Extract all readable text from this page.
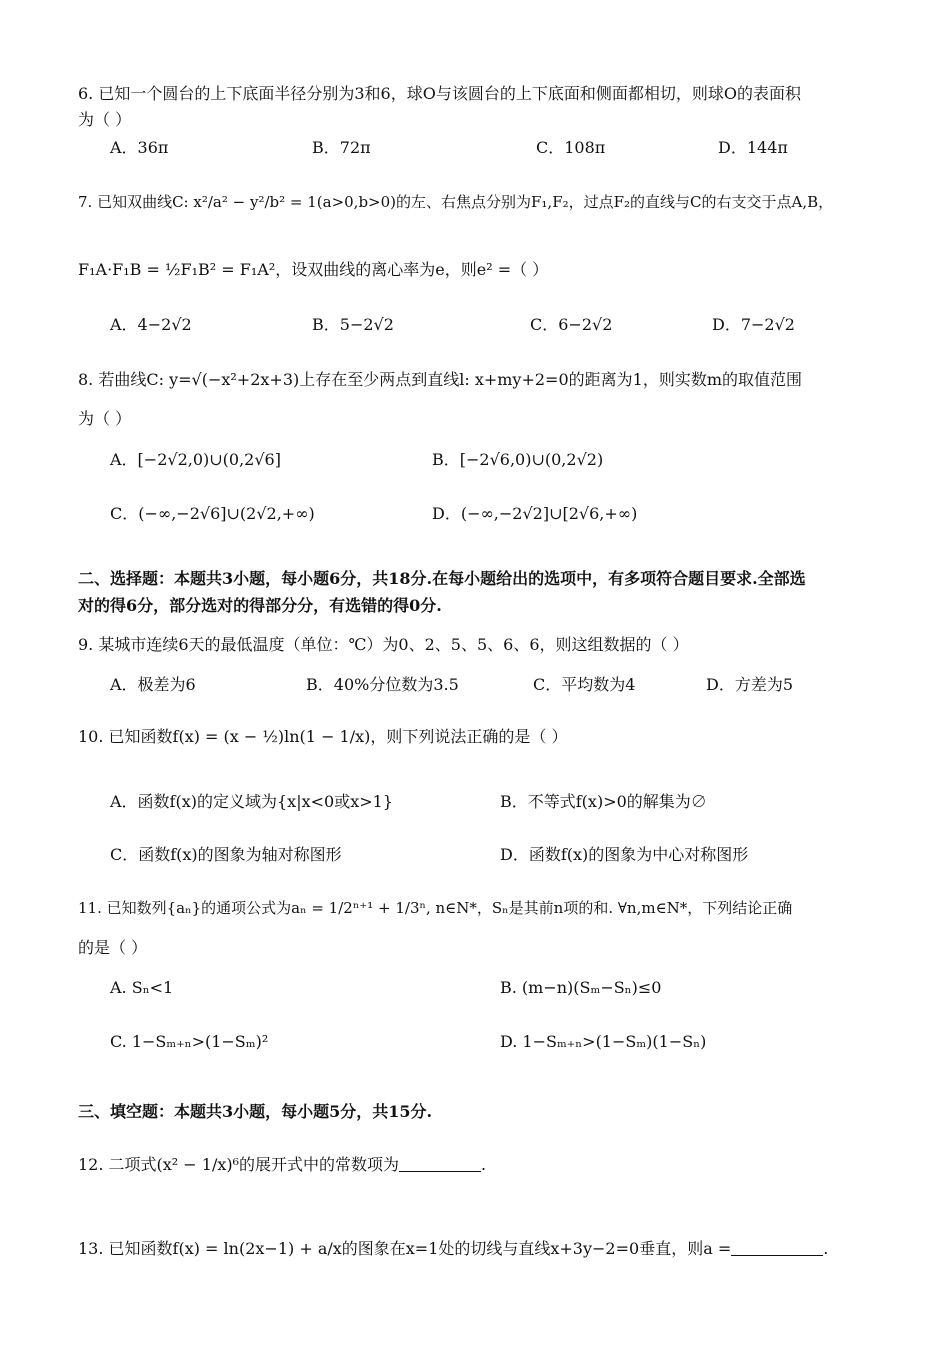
6. 已知一个圆台的上下底面半径分别为3和6，球O与该圆台的上下底面和侧面都相切，则球O的表面积
为（ ）
A．36π	B．72π	C．108π	D．144π
7. 已知双曲线C: x²/a² − y²/b² = 1(a>0,b>0)的左、右焦点分别为F₁,F₂，过点F₂的直线与C的右支交于点A,B，
F₁A·F₁B = ½F₁B² = F₁A²，设双曲线的离心率为e，则e² =（ ）
A．4−2√2	B．5−2√2	C．6−2√2	D．7−2√2
8. 若曲线C: y=√(−x²+2x+3)上存在至少两点到直线l: x+my+2=0的距离为1，则实数m的取值范围
为（ ）
A．[−2√2,0)∪(0,2√6]	B．[−2√6,0)∪(0,2√2)
C．(−∞,−2√6]∪(2√2,+∞)	D．(−∞,−2√2]∪[2√6,+∞)
二、选择题：本题共3小题，每小题6分，共18分.在每小题给出的选项中，有多项符合题目要求.全部选
对的得6分，部分选对的得部分分，有选错的得0分.
9. 某城市连续6天的最低温度（单位：℃）为0、2、5、5、6、6，则这组数据的（ ）
A．极差为6	B．40%分位数为3.5	C．平均数为4	D．方差为5
10. 已知函数f(x) = (x − ½)ln(1 − 1/x)，则下列说法正确的是（ ）
A．函数f(x)的定义域为{x|x<0或x>1}	B．不等式f(x)>0的解集为∅
C．函数f(x)的图象为轴对称图形	D．函数f(x)的图象为中心对称图形
11. 已知数列{aₙ}的通项公式为aₙ = 1/2ⁿ⁺¹ + 1/3ⁿ, n∈N*，Sₙ是其前n项的和. ∀n,m∈N*，下列结论正确
的是（ ）
A. Sₙ<1	B. (m−n)(Sₘ−Sₙ)≤0
C. 1−Sₘ₊ₙ>(1−Sₘ)²	D. 1−Sₘ₊ₙ>(1−Sₘ)(1−Sₙ)
三、填空题：本题共3小题，每小题5分，共15分.
12. 二项式(x² − 1/x)⁶的展开式中的常数项为	.
13. 已知函数f(x) = ln(2x−1) + a/x的图象在x=1处的切线与直线x+3y−2=0垂直，则a =	.
